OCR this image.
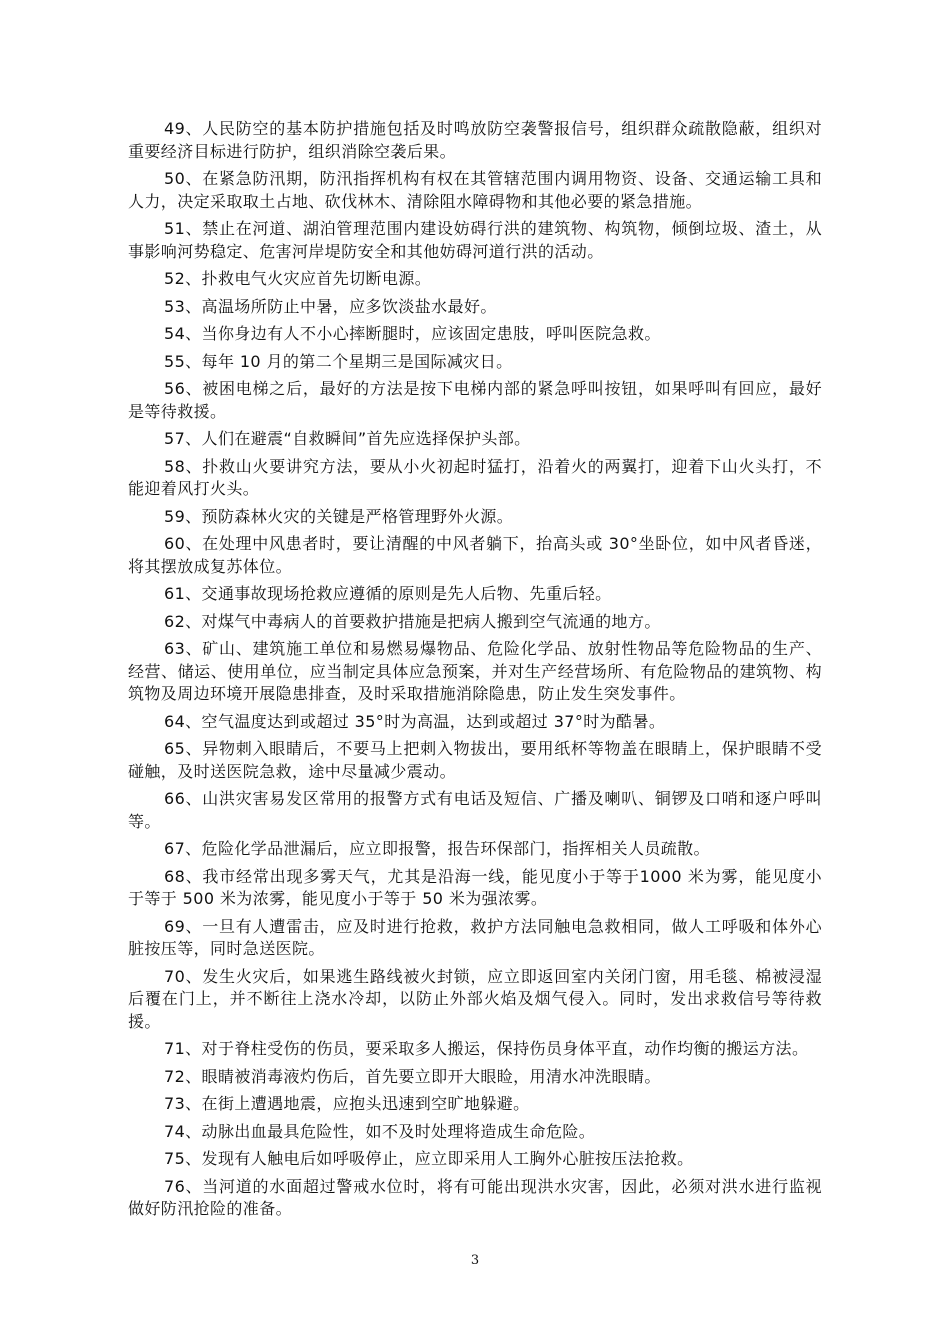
49、人民防空的基本防护措施包括及时鸣放防空袭警报信号，组织群众疏散隐蔽，组织对重要经济目标进行防护，组织消除空袭后果。

50、在紧急防汛期，防汛指挥机构有权在其管辖范围内调用物资、设备、交通运输工具和人力，决定采取取土占地、砍伐林木、清除阻水障碍物和其他必要的紧急措施。

51、禁止在河道、湖泊管理范围内建设妨碍行洪的建筑物、构筑物，倾倒垃圾、渣土，从事影响河势稳定、危害河岸堤防安全和其他妨碍河道行洪的活动。

52、扑救电气火灾应首先切断电源。

53、高温场所防止中暑，应多饮淡盐水最好。

54、当你身边有人不小心摔断腿时，应该固定患肢，呼叫医院急救。

55、每年 10 月的第二个星期三是国际减灾日。

56、被困电梯之后，最好的方法是按下电梯内部的紧急呼叫按钮，如果呼叫有回应，最好是等待救援。

57、人们在避震“自救瞬间”首先应选择保护头部。

58、扑救山火要讲究方法，要从小火初起时猛打，沿着火的两翼打，迎着下山火头打，不能迎着风打火头。

59、预防森林火灾的关键是严格管理野外火源。

60、在处理中风患者时，要让清醒的中风者躺下，抬高头或 30°坐卧位，如中风者昏迷，将其摆放成复苏体位。

61、交通事故现场抢救应遵循的原则是先人后物、先重后轻。

62、对煤气中毒病人的首要救护措施是把病人搬到空气流通的地方。

63、矿山、建筑施工单位和易燃易爆物品、危险化学品、放射性物品等危险物品的生产、经营、储运、使用单位，应当制定具体应急预案，并对生产经营场所、有危险物品的建筑物、构筑物及周边环境开展隐患排查，及时采取措施消除隐患，防止发生突发事件。

64、空气温度达到或超过 35°时为高温，达到或超过 37°时为酷暑。

65、异物刺入眼睛后，不要马上把刺入物拔出，要用纸杯等物盖在眼睛上，保护眼睛不受碰触，及时送医院急救，途中尽量减少震动。

66、山洪灾害易发区常用的报警方式有电话及短信、广播及喇叭、铜锣及口哨和逐户呼叫等。

67、危险化学品泄漏后，应立即报警，报告环保部门，指挥相关人员疏散。

68、我市经常出现多雾天气，尤其是沿海一线，能见度小于等于1000 米为雾，能见度小于等于 500 米为浓雾，能见度小于等于 50 米为强浓雾。

69、一旦有人遭雷击，应及时进行抢救，救护方法同触电急救相同，做人工呼吸和体外心脏按压等，同时急送医院。

70、发生火灾后，如果逃生路线被火封锁，应立即返回室内关闭门窗，用毛毯、棉被浸湿后覆在门上，并不断往上浇水冷却，以防止外部火焰及烟气侵入。同时，发出求救信号等待救援。

71、对于脊柱受伤的伤员，要采取多人搬运，保持伤员身体平直，动作均衡的搬运方法。

72、眼睛被消毒液灼伤后，首先要立即开大眼睑，用清水冲洗眼睛。

73、在街上遭遇地震，应抱头迅速到空旷地躲避。

74、动脉出血最具危险性，如不及时处理将造成生命危险。

75、发现有人触电后如呼吸停止，应立即采用人工胸外心脏按压法抢救。

76、当河道的水面超过警戒水位时，将有可能出现洪水灾害，因此，必须对洪水进行监视做好防汛抢险的准备。

3
